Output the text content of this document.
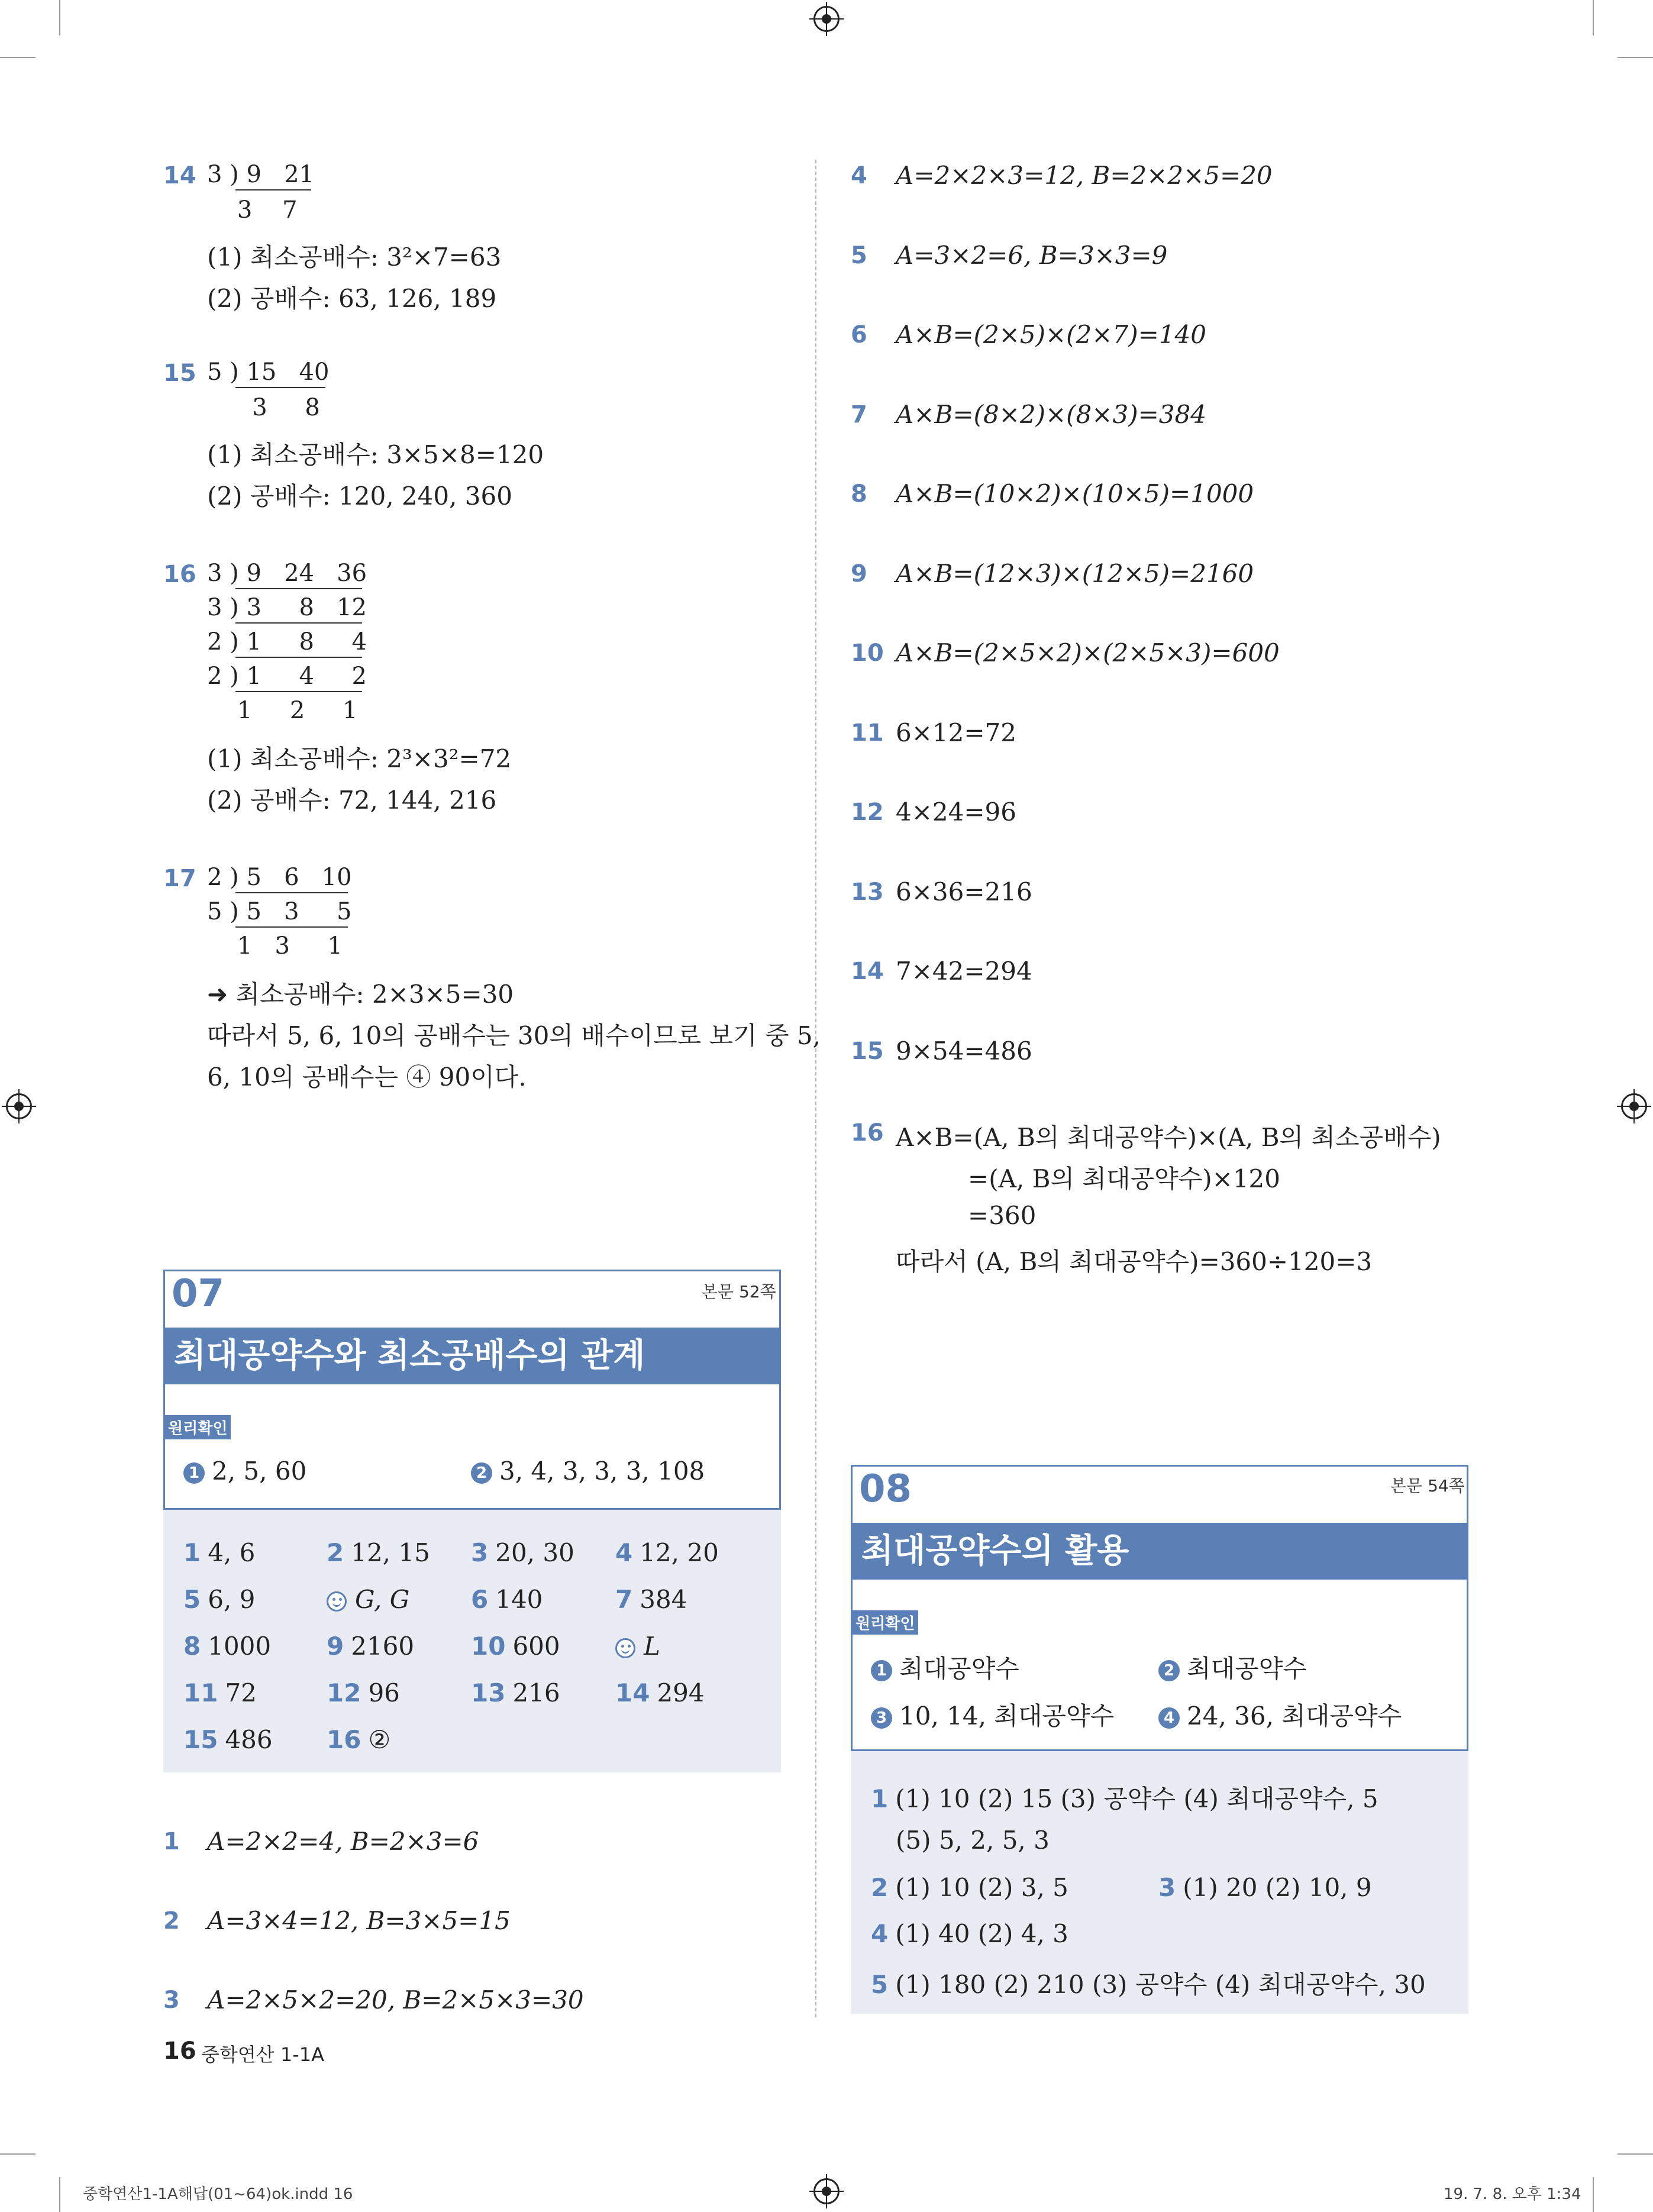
14 3 ) 9   21
3    7
(1) 최소공배수: 3²×7=63
(2) 공배수: 63, 126, 189
15 5 ) 15   40
3     8
(1) 최소공배수: 3×5×8=120
(2) 공배수: 120, 240, 360
16 3 ) 9   24   36
3 ) 3     8   12
2 ) 1     8     4
2 ) 1     4     2
1     2     1
(1) 최소공배수: 2³×3²=72
(2) 공배수: 72, 144, 216
17 2 ) 5   6   10
5 ) 5   3     5
1   3     1
➜ 최소공배수: 2×3×5=30
따라서 5, 6, 10의 공배수는 30의 배수이므로 보기 중 5,
6, 10의 공배수는 ④ 90이다.
07	본문 52쪽
최대공약수와 최소공배수의 관계
원리확인
1 2, 5, 60	2 3, 4, 3, 3, 3, 108
1 4, 6	2 12, 15 3 20, 30 4 12, 20
5 6, 9	G, G 6 140	7 384
8 1000 9 2160 10 600	L
11 72	12 96	13 216 14 294
15 486 16 ②
1 A=2×2=4, B=2×3=6
2 A=3×4=12, B=3×5=15
3 A=2×5×2=20, B=2×5×3=30
16 중학연산 1-1A
4 A=2×2×3=12, B=2×2×5=20
5 A=3×2=6, B=3×3=9
6 A×B=(2×5)×(2×7)=140
7 A×B=(8×2)×(8×3)=384
8 A×B=(10×2)×(10×5)=1000
9 A×B=(12×3)×(12×5)=2160
10 A×B=(2×5×2)×(2×5×3)=600
11 6×12=72
12 4×24=96
13 6×36=216
14 7×42=294
15 9×54=486
16 A×B=(A, B의 최대공약수)×(A, B의 최소공배수)
=(A, B의 최대공약수)×120
=360
따라서 (A, B의 최대공약수)=360÷120=3
08	본문 54쪽
최대공약수의 활용
원리확인
1 최대공약수	2 최대공약수
3 10, 14, 최대공약수	4 24, 36, 최대공약수
1 (1) 10 (2) 15 (3) 공약수 (4) 최대공약수, 5
(5) 5, 2, 5, 3
2 (1) 10 (2) 3, 5	3 (1) 20 (2) 10, 9
4 (1) 40 (2) 4, 3
5 (1) 180 (2) 210 (3) 공약수 (4) 최대공약수, 30
중학연산1-1A해답(01~64)ok.indd 16	19. 7. 8. 오후 1:34
